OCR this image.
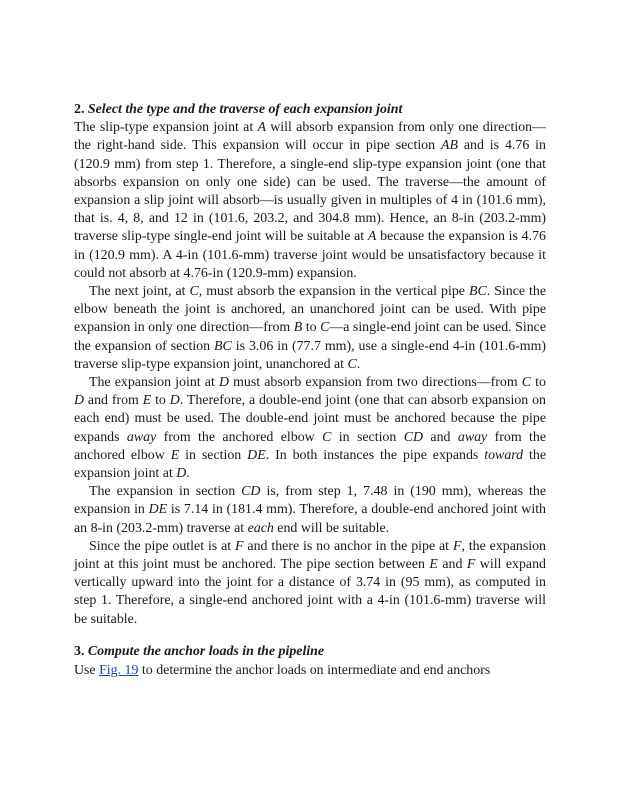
2. Select the type and the traverse of each expansion joint

The slip-type expansion joint at A will absorb expansion from only one direction—the right-hand side. This expansion will occur in pipe section AB and is 4.76 in (120.9 mm) from step 1. Therefore, a single-end slip-type expansion joint (one that absorbs expansion on only one side) can be used. The traverse—the amount of expansion a slip joint will absorb—is usually given in multiples of 4 in (101.6 mm), that is. 4, 8, and 12 in (101.6, 203.2, and 304.8 mm). Hence, an 8-in (203.2-mm) traverse slip-type single-end joint will be suitable at A because the expansion is 4.76 in (120.9 mm). A 4-in (101.6-mm) traverse joint would be unsatisfactory because it could not absorb at 4.76-in (120.9-mm) expansion.

The next joint, at C, must absorb the expansion in the vertical pipe BC. Since the elbow beneath the joint is anchored, an unanchored joint can be used. With pipe expansion in only one direction—from B to C—a single-end joint can be used. Since the expansion of section BC is 3.06 in (77.7 mm), use a single-end 4-in (101.6-mm) traverse slip-type expansion joint, unanchored at C.

The expansion joint at D must absorb expansion from two directions—from C to D and from E to D. Therefore, a double-end joint (one that can absorb expansion on each end) must be used. The double-end joint must be anchored because the pipe expands away from the anchored elbow C in section CD and away from the anchored elbow E in section DE. In both instances the pipe expands toward the expansion joint at D.

The expansion in section CD is, from step 1, 7.48 in (190 mm), whereas the expansion in DE is 7.14 in (181.4 mm). Therefore, a double-end anchored joint with an 8-in (203.2-mm) traverse at each end will be suitable.

Since the pipe outlet is at F and there is no anchor in the pipe at F, the expansion joint at this joint must be anchored. The pipe section between E and F will expand vertically upward into the joint for a distance of 3.74 in (95 mm), as computed in step 1. Therefore, a single-end anchored joint with a 4-in (101.6-mm) traverse will be suitable.

3. Compute the anchor loads in the pipeline

Use Fig. 19 to determine the anchor loads on intermediate and end anchors
